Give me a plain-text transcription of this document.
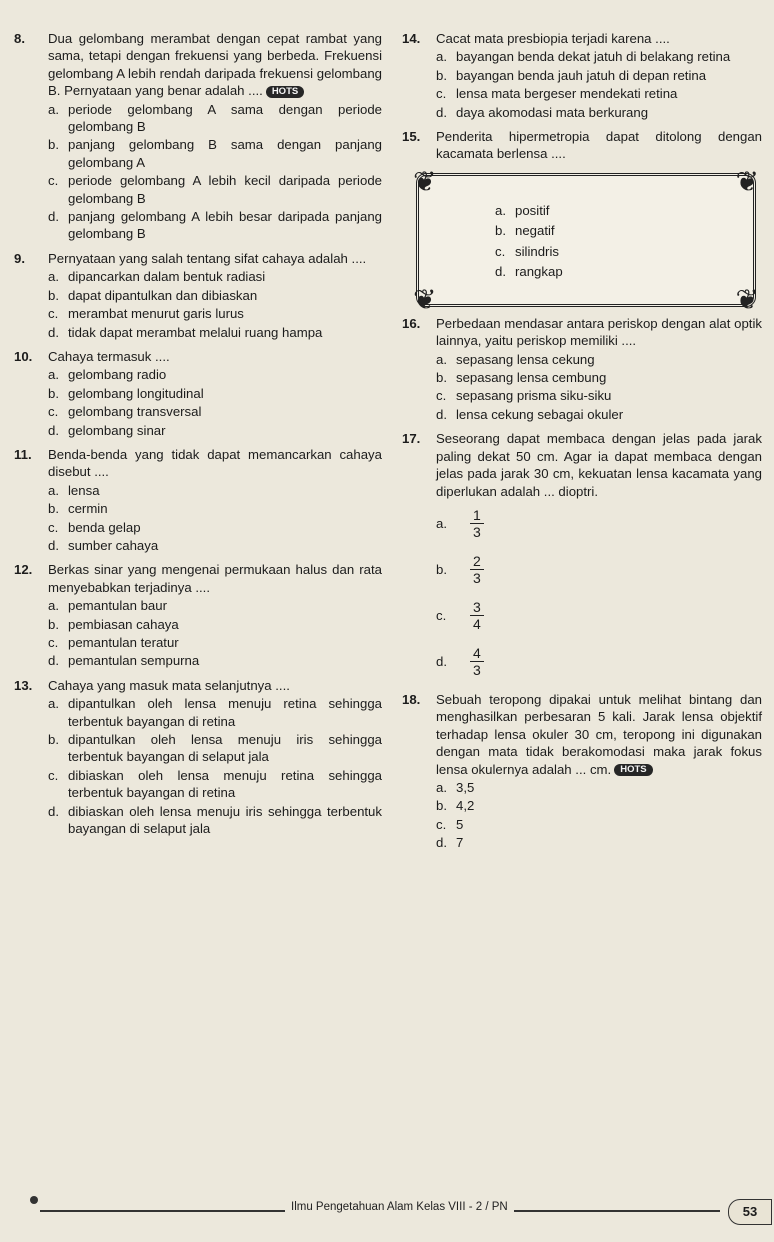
8.	Dua gelombang merambat dengan cepat rambat yang sama, tetapi dengan frekuensi yang berbeda. Frekuensi gelombang A lebih rendah daripada frekuensi gelombang B. Pernyataan yang benar adalah .... HOTS
a. periode gelombang A sama dengan periode gelombang B
b. panjang gelombang B sama dengan panjang gelombang A
c. periode gelombang A lebih kecil daripada periode gelombang B
d. panjang gelombang A lebih besar daripada panjang gelombang B
9.	Pernyataan yang salah tentang sifat cahaya adalah ....
a. dipancarkan dalam bentuk radiasi
b. dapat dipantulkan dan dibiaskan
c. merambat menurut garis lurus
d. tidak dapat merambat melalui ruang hampa
10.	Cahaya termasuk ....
a. gelombang radio
b. gelombang longitudinal
c. gelombang transversal
d. gelombang sinar
11.	Benda-benda yang tidak dapat memancarkan cahaya disebut ....
a. lensa
b. cermin
c. benda gelap
d. sumber cahaya
12.	Berkas sinar yang mengenai permukaan halus dan rata menyebabkan terjadinya ....
a. pemantulan baur
b. pembiasan cahaya
c. pemantulan teratur
d. pemantulan sempurna
13.	Cahaya yang masuk mata selanjutnya ....
a. dipantulkan oleh lensa menuju retina sehingga terbentuk bayangan di retina
b. dipantulkan oleh lensa menuju iris sehingga terbentuk bayangan di selaput jala
c. dibiaskan oleh lensa menuju retina sehingga terbentuk bayangan di retina
d. dibiaskan oleh lensa menuju iris sehingga terbentuk bayangan di selaput jala
14.	Cacat mata presbiopia terjadi karena ....
a. bayangan benda dekat jatuh di belakang retina
b. bayangan benda jauh jatuh di depan retina
c. lensa mata bergeser mendekati retina
d. daya akomodasi mata berkurang
15.	Penderita hipermetropia dapat ditolong dengan kacamata berlensa ....
❦	❦
❦	❦
a. positif
b. negatif
c. silindris
d. rangkap
16.	Perbedaan mendasar antara periskop dengan alat optik lainnya, yaitu periskop memiliki ....
a. sepasang lensa cekung
b. sepasang lensa cembung
c. sepasang prisma siku-siku
d. lensa cekung sebagai okuler
17.	Seseorang dapat membaca dengan jelas pada jarak paling dekat 50 cm. Agar ia dapat membaca dengan jelas pada jarak 30 cm, kekuatan lensa kacamata yang diperlukan adalah ... dioptri.
a.	$\frac{1}{3}$
b.	$\frac{2}{3}$
c.	$\frac{3}{4}$
d.	$\frac{4}{3}$
18.	Sebuah teropong dipakai untuk melihat bintang dan menghasilkan perbesaran 5 kali. Jarak lensa objektif terhadap lensa okuler 30 cm, teropong ini digunakan dengan mata tidak berakomodasi maka jarak fokus lensa okulernya adalah ... cm. HOTS
a. 3,5
b. 4,2
c. 5
d. 7
Ilmu Pengetahuan Alam Kelas VIII - 2 / PN	53
